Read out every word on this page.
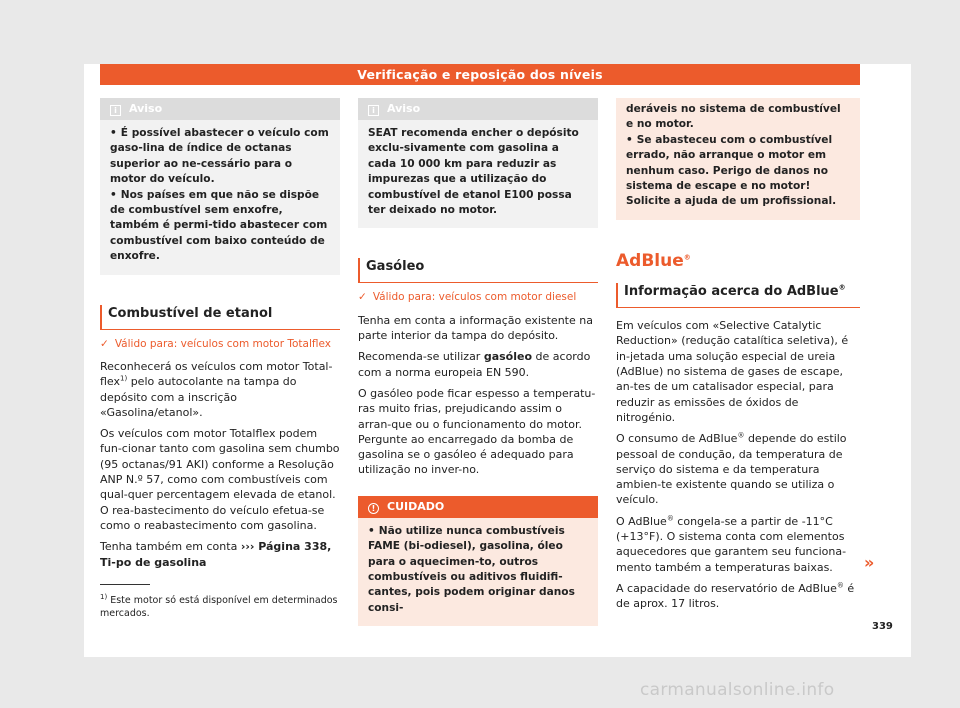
Verificação e reposição dos níveis
i Aviso
• É possível abastecer o veículo com gaso-lina de índice de octanas superior ao ne-cessário para o motor do veículo.
• Nos países em que não se dispõe de combustível sem enxofre, também é permi-tido abastecer com combustível com baixo conteúdo de enxofre.
Combustível de etanol
✓ Válido para: veículos com motor Totalflex

Reconhecerá os veículos com motor Total-flex$^{1)}$ pelo autocolante na tampa do depósito com a inscrição «Gasolina/etanol».

Os veículos com motor Totalflex podem fun-cionar tanto com gasolina sem chumbo (95 octanas/91 AKI) conforme a Resolução ANP N.º 57, como com combustíveis com qual-quer percentagem elevada de etanol. O rea-bastecimento do veículo efetua-se como o reabastecimento com gasolina.

Tenha também em conta ››› Página 338, Ti-po de gasolina

i Aviso
SEAT recomenda encher o depósito exclu-sivamente com gasolina a cada 10 000 km para reduzir as impurezas que a utilização do combustível de etanol E100 possa ter deixado no motor.
Gasóleo
✓ Válido para: veículos com motor diesel

Tenha em conta a informação existente na parte interior da tampa do depósito.

Recomenda-se utilizar gasóleo de acordo com a norma europeia EN 590.

O gasóleo pode ficar espesso a temperatu-ras muito frias, prejudicando assim o arran-que ou o funcionamento do motor. Pergunte ao encarregado da bomba de gasolina se o gasóleo é adequado para utilização no inver-no.

! CUIDADO
• Não utilize nunca combustíveis FAME (bi-odiesel), gasolina, óleo para o aquecimen-to, outros combustíveis ou aditivos fluidifi-cantes, pois podem originar danos consi-
deráveis no sistema de combustível e no motor.
• Se abasteceu com o combustível errado, não arranque o motor em nenhum caso. Perigo de danos no sistema de escape e no motor! Solicite a ajuda de um profissional.
AdBlue®
Informação acerca do AdBlue®

Em veículos com «Selective Catalytic Reduction» (redução catalítica seletiva), é in-jetada uma solução especial de ureia (AdBlue) no sistema de gases de escape, an-tes de um catalisador especial, para reduzir as emissões de óxidos de nitrogénio.

O consumo de AdBlue® depende do estilo pessoal de condução, da temperatura de serviço do sistema e da temperatura ambien-te existente quando se utiliza o veículo.

O AdBlue® congela-se a partir de -11°C (+13°F). O sistema conta com elementos aquecedores que garantem seu funciona-mento também a temperaturas baixas.

A capacidade do reservatório de AdBlue® é de aprox. 17 litros.

»
$^{1)}$ Este motor só está disponível em determinados mercados.
339
carmanualsonline.info
